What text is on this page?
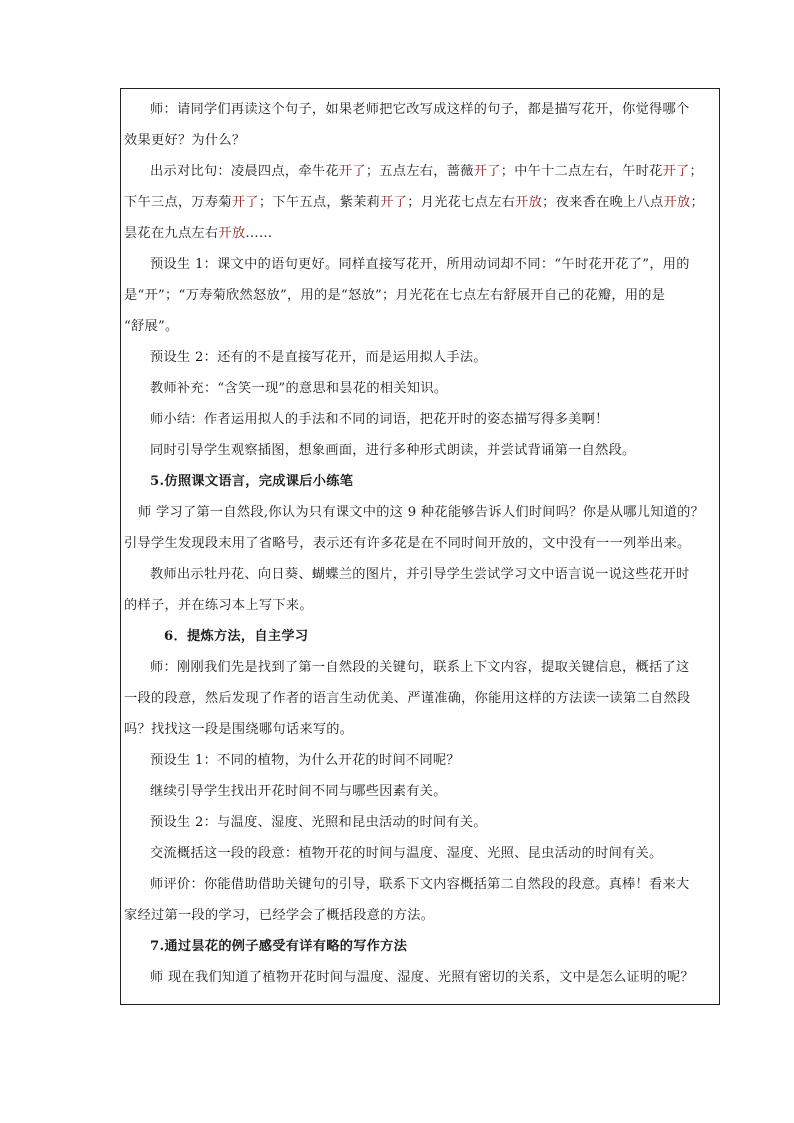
师：请同学们再读这个句子，如果老师把它改写成这样的句子，都是描写花开，你觉得哪个
效果更好？为什么？
出示对比句：凌晨四点，牵牛花开了；五点左右，蔷薇开了；中午十二点左右，午时花开了；
下午三点，万寿菊开了；下午五点，紫茉莉开了；月光花七点左右开放；夜来香在晚上八点开放；
昙花在九点左右开放……
预设生 1：课文中的语句更好。同样直接写花开，所用动词却不同：“午时花开花了”，用的
是“开”；“万寿菊欣然怒放”，用的是“怒放”；月光花在七点左右舒展开自己的花瓣，用的是
“舒展”。
预设生 2：还有的不是直接写花开，而是运用拟人手法。
教师补充：“含笑一现”的意思和昙花的相关知识。
师小结：作者运用拟人的手法和不同的词语，把花开时的姿态描写得多美啊！
同时引导学生观察插图，想象画面，进行多种形式朗读，并尝试背诵第一自然段。
5.仿照课文语言，完成课后小练笔
师 学习了第一自然段,你认为只有课文中的这 9 种花能够告诉人们时间吗？你是从哪儿知道的？
引导学生发现段末用了省略号，表示还有许多花是在不同时间开放的，文中没有一一列举出来。
教师出示牡丹花、向日葵、蝴蝶兰的图片，并引导学生尝试学习文中语言说一说这些花开时
的样子，并在练习本上写下来。
6．提炼方法，自主学习
师：刚刚我们先是找到了第一自然段的关键句，联系上下文内容，提取关键信息，概括了这
一段的段意，然后发现了作者的语言生动优美、严谨准确，你能用这样的方法读一读第二自然段
吗？找找这一段是围绕哪句话来写的。
预设生 1：不同的植物，为什么开花的时间不同呢？
继续引导学生找出开花时间不同与哪些因素有关。
预设生 2：与温度、湿度、光照和昆虫活动的时间有关。
交流概括这一段的段意：植物开花的时间与温度、湿度、光照、昆虫活动的时间有关。
师评价：你能借助借助关键句的引导，联系下文内容概括第二自然段的段意。真棒！看来大
家经过第一段的学习，已经学会了概括段意的方法。
7.通过昙花的例子感受有详有略的写作方法
师 现在我们知道了植物开花时间与温度、湿度、光照有密切的关系，文中是怎么证明的呢？
